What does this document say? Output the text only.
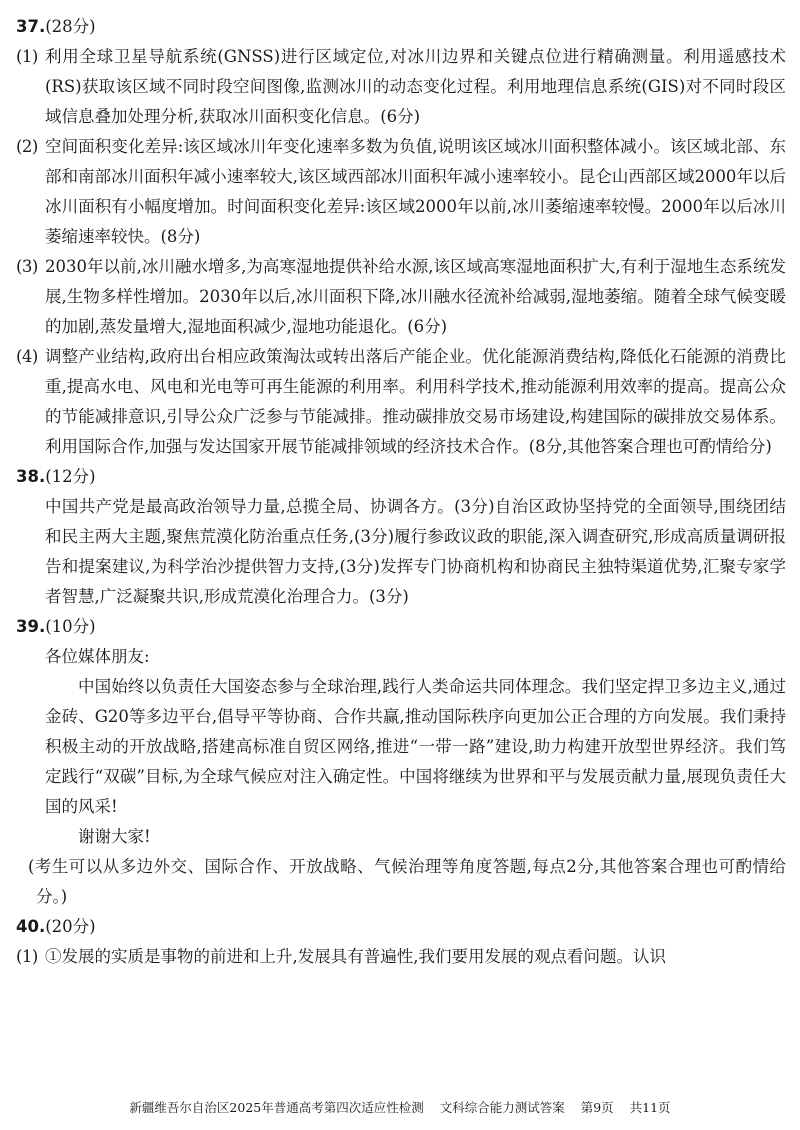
37.(28分)
(1) 利用全球卫星导航系统(GNSS)进行区域定位,对冰川边界和关键点位进行精确测量。利用遥感技术(RS)获取该区域不同时段空间图像,监测冰川的动态变化过程。利用地理信息系统(GIS)对不同时段区域信息叠加处理分析,获取冰川面积变化信息。(6分)
(2) 空间面积变化差异:该区域冰川年变化速率多数为负值,说明该区域冰川面积整体减小。该区域北部、东部和南部冰川面积年减小速率较大,该区域西部冰川面积年减小速率较小。昆仑山西部区域2000年以后冰川面积有小幅度增加。时间面积变化差异:该区域2000年以前,冰川萎缩速率较慢。2000年以后冰川萎缩速率较快。(8分)
(3) 2030年以前,冰川融水增多,为高寒湿地提供补给水源,该区域高寒湿地面积扩大,有利于湿地生态系统发展,生物多样性增加。2030年以后,冰川面积下降,冰川融水径流补给减弱,湿地萎缩。随着全球气候变暖的加剧,蒸发量增大,湿地面积减少,湿地功能退化。(6分)
(4) 调整产业结构,政府出台相应政策淘汰或转出落后产能企业。优化能源消费结构,降低化石能源的消费比重,提高水电、风电和光电等可再生能源的利用率。利用科学技术,推动能源利用效率的提高。提高公众的节能减排意识,引导公众广泛参与节能减排。推动碳排放交易市场建设,构建国际的碳排放交易体系。利用国际合作,加强与发达国家开展节能减排领域的经济技术合作。(8分,其他答案合理也可酌情给分)
38.(12分)
中国共产党是最高政治领导力量,总揽全局、协调各方。(3分)自治区政协坚持党的全面领导,围绕团结和民主两大主题,聚焦荒漠化防治重点任务,(3分)履行参政议政的职能,深入调查研究,形成高质量调研报告和提案建议,为科学治沙提供智力支持,(3分)发挥专门协商机构和协商民主独特渠道优势,汇聚专家学者智慧,广泛凝聚共识,形成荒漠化治理合力。(3分)
39.(10分)
各位媒体朋友:
中国始终以负责任大国姿态参与全球治理,践行人类命运共同体理念。我们坚定捍卫多边主义,通过金砖、G20等多边平台,倡导平等协商、合作共赢,推动国际秩序向更加公正合理的方向发展。我们秉持积极主动的开放战略,搭建高标准自贸区网络,推进“一带一路”建设,助力构建开放型世界经济。我们笃定践行“双碳”目标,为全球气候应对注入确定性。中国将继续为世界和平与发展贡献力量,展现负责任大国的风采!
谢谢大家!
(考生可以从多边外交、国际合作、开放战略、气候治理等角度答题,每点2分,其他答案合理也可酌情给分。)
40.(20分)
(1) ①发展的实质是事物的前进和上升,发展具有普遍性,我们要用发展的观点看问题。认识
新疆维吾尔自治区2025年普通高考第四次适应性检测 文科综合能力测试答案 第9页 共11页
